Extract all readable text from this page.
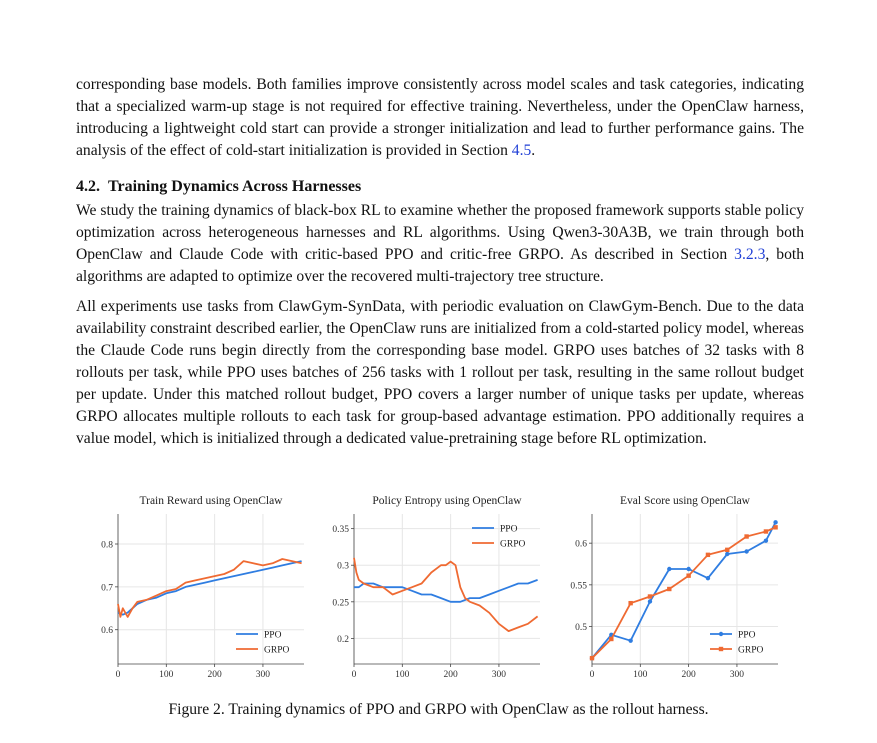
corresponding base models. Both families improve consistently across model scales and task categories, indicating that a specialized warm-up stage is not required for effective training. Nevertheless, under the OpenClaw harness, introducing a lightweight cold start can provide a stronger initialization and lead to further performance gains. The analysis of the effect of cold-start initialization is provided in Section 4.5.

4.2. Training Dynamics Across Harnesses

We study the training dynamics of black-box RL to examine whether the proposed framework supports stable policy optimization across heterogeneous harnesses and RL algorithms. Using Qwen3-30A3B, we train through both OpenClaw and Claude Code with critic-based PPO and critic-free GRPO. As described in Section 3.2.3, both algorithms are adapted to optimize over the recovered multi-trajectory tree structure.

All experiments use tasks from ClawGym-SynData, with periodic evaluation on ClawGym-Bench. Due to the data availability constraint described earlier, the OpenClaw runs are initialized from a cold-started policy model, whereas the Claude Code runs begin directly from the corresponding base model. GRPO uses batches of 32 tasks with 8 rollouts per task, while PPO uses batches of 256 tasks with 1 rollout per task, resulting in the same rollout budget per update. Under this matched rollout budget, PPO covers a larger number of unique tasks per update, whereas GRPO allocates multiple rollouts to each task for group-based advantage estimation. PPO additionally requires a value model, which is initialized through a dedicated value-pretraining stage before RL optimization.

Train Reward using OpenClaw
0	100	200	300
0.6
0.7
0.8
PPO
GRPO
Policy Entropy using OpenClaw
0	100	200	300
0.2
0.25
0.3
0.35	PPO
GRPO
Eval Score using OpenClaw
0	100	200	300
0.5
0.55
0.6
PPO
GRPO
Figure 2. Training dynamics of PPO and GRPO with OpenClaw as the rollout harness.
